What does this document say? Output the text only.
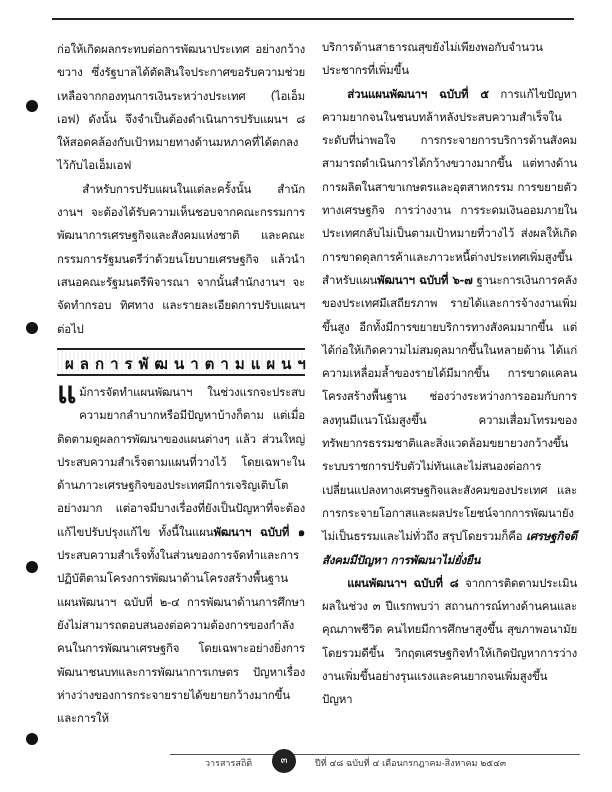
ก่อให้เกิดผลกระทบต่อการพัฒนาประเทศ อย่างกว้างขวาง ซึ่งรัฐบาลได้ตัดสินใจประกาศขอรับความช่วยเหลือจากกองทุนการเงินระหว่างประเทศ (ไอเอ็มเอฟ) ดังนั้น จึงจำเป็นต้องดำเนินการปรับแผนฯ ๘ ให้สอดคล้องกับเป้าหมายทางด้านมหภาคที่ได้ตกลงไว้กับไอเอ็มเอฟ

สำหรับการปรับแผนในแต่ละครั้งนั้น สำนักงานฯ จะต้องได้รับความเห็นชอบจากคณะกรรมการพัฒนาการเศรษฐกิจและสังคมแห่งชาติ และคณะกรรมการรัฐมนตรีว่าด้วยนโยบายเศรษฐกิจ แล้วนำเสนอคณะรัฐมนตรีพิจารณา จากนั้นสำนักงานฯ จะจัดทำกรอบ ทิศทาง และรายละเอียดการปรับแผนฯ ต่อไป

ผลการพัฒนาตามแผนฯ

แม้การจัดทำแผนพัฒนาฯ ในช่วงแรกจะประสบความยากลำบากหรือมีปัญหาบ้างก็ตาม แต่เมื่อติดตามดูผลการพัฒนาของแผนต่างๆ แล้ว ส่วนใหญ่ประสบความสำเร็จตามแผนที่วางไว้ โดยเฉพาะในด้านภาวะเศรษฐกิจของประเทศมีการเจริญเติบโตอย่างมาก แต่อาจมีบางเรื่องที่ยังเป็นปัญหาที่จะต้องแก้ไขปรับปรุงแก้ไข ทั้งนี้ในแผนพัฒนาฯ ฉบับที่ ๑ ประสบความสำเร็จทั้งในส่วนของการจัดทำและการปฏิบัติตามโครงการพัฒนาด้านโครงสร้างพื้นฐาน แผนพัฒนาฯ ฉบับที่ ๒-๔ การพัฒนาด้านการศึกษายังไม่สามารถตอบสนองต่อความต้องการของกำลังคนในการพัฒนาเศรษฐกิจ โดยเฉพาะอย่างยิ่งการพัฒนาชนบทและการพัฒนาการเกษตร ปัญหาเรื่องห่างว่างของการกระจายรายได้ขยายกว้างมากขึ้น และการให้

บริการด้านสาธารณสุขยังไม่เพียงพอกับจำนวนประชากรที่เพิ่มขึ้น

ส่วนแผนพัฒนาฯ ฉบับที่ ๕ การแก้ไขปัญหาความยากจนในชนบทล้าหลังประสบความสำเร็จในระดับที่น่าพอใจ การกระจายการบริการด้านสังคมสามารถดำเนินการได้กว้างขวางมากขึ้น แต่ทางด้านการผลิตในสาขาเกษตรและอุตสาหกรรม การขยายตัวทางเศรษฐกิจ การว่างงาน การระดมเงินออมภายในประเทศกลับไม่เป็นตามเป้าหมายที่วางไว้ ส่งผลให้เกิดการขาดดุลการค้าและภาวะหนี้ต่างประเทศเพิ่มสูงขึ้น สำหรับแผนพัฒนาฯ ฉบับที่ ๖-๗ ฐานะการเงินการคลังของประเทศมีเสถียรภาพ รายได้และการจ้างงานเพิ่มขึ้นสูง อีกทั้งมีการขยายบริการทางสังคมมากขึ้น แต่ได้ก่อให้เกิดความไม่สมดุลมากขึ้นในหลายด้าน ได้แก่ ความเหลื่อมล้ำของรายได้มีมากขึ้น การขาดแคลนโครงสร้างพื้นฐาน ช่องว่างระหว่างการออมกับการลงทุนมีแนวโน้มสูงขึ้น ความเสื่อมโทรมของทรัพยากรธรรมชาติและสิ่งแวดล้อมขยายวงกว้างขึ้น ระบบราชการปรับตัวไม่ทันและไม่สนองต่อการเปลี่ยนแปลงทางเศรษฐกิจและสังคมของประเทศ และการกระจายโอกาสและผลประโยชน์จากการพัฒนายังไม่เป็นธรรมและไม่ทั่วถึง สรุปโดยรวมก็คือ เศรษฐกิจดี สังคมมีปัญหา การพัฒนาไม่ยั่งยืน

แผนพัฒนาฯ ฉบับที่ ๘ จากการติดตามประเมินผลในช่วง ๓ ปีแรกพบว่า สถานการณ์ทางด้านคนและคุณภาพชีวิต คนไทยมีการศึกษาสูงขึ้น สุขภาพอนามัยโดยรวมดีขึ้น วิกฤตเศรษฐกิจทำให้เกิดปัญหาการว่างงานเพิ่มขึ้นอย่างรุนแรงและคนยากจนเพิ่มสูงขึ้น ปัญหา

วารสารสถิติ	๓	ปีที่ ๔๘ ฉบับที่ ๔ เดือนกรกฎาคม-สิงหาคม ๒๕๔๓
